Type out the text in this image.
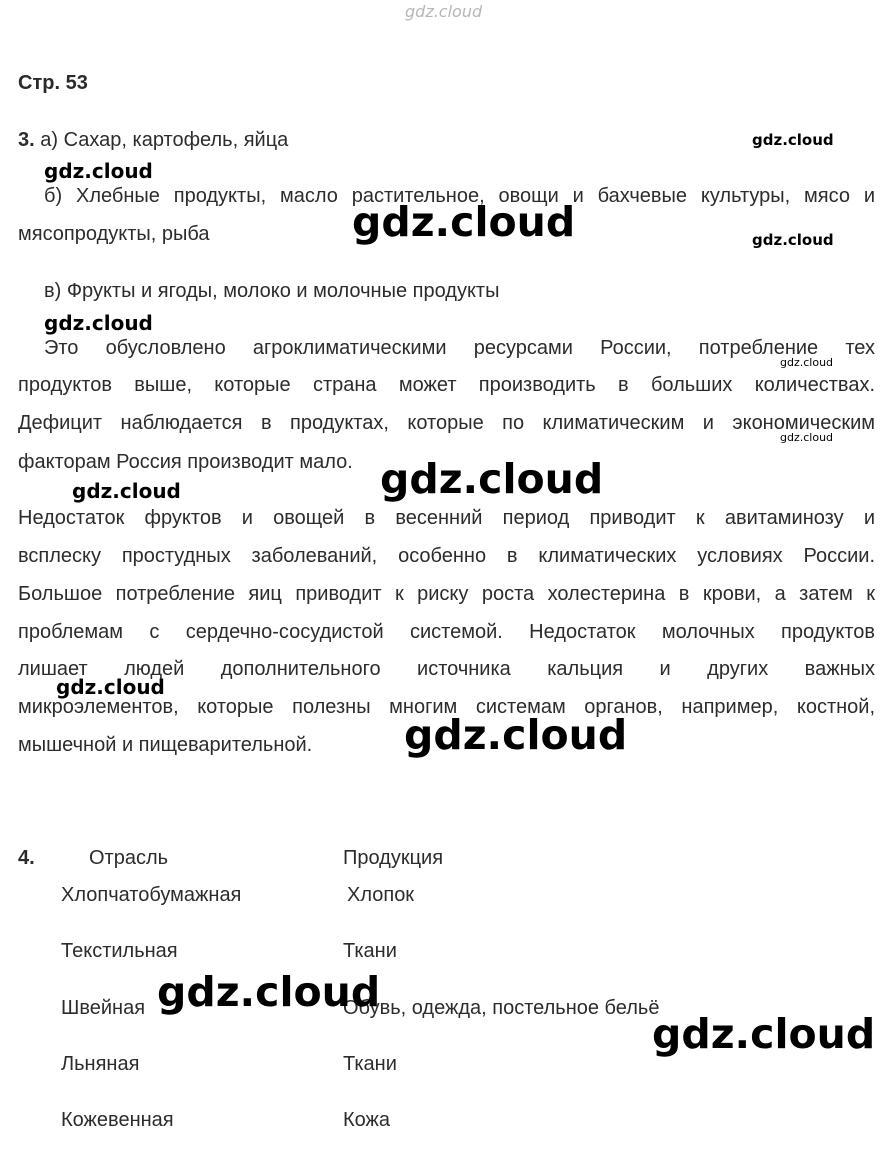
gdz.cloud
Стр. 53
3. а) Сахар, картофель, яйца	gdz.cloud
gdz.cloud
б) Хлебные продукты, масло растительное, овощи и бахчевые культуры, мясо и
мясопродукты, рыба	gdz.cloud	gdz.cloud
в) Фрукты и ягоды, молоко и молочные продукты
gdz.cloud
Это обусловлено агроклиматическими ресурсами России, потребление тех
продуктов выше, которые страна может производить в больших количествах.
Дефицит наблюдается в продуктах, которые по климатическим и экономическим
факторам Россия производит мало.
gdz.cloud
gdz.cloud
gdz.cloud
gdz.cloud
Недостаток фруктов и овощей в весенний период приводит к авитаминозу и
всплеску простудных заболеваний, особенно в климатических условиях России.
Большое потребление яиц приводит к риску роста холестерина в крови, а затем к
проблемам с сердечно-сосудистой системой. Недостаток молочных продуктов
лишает людей дополнительного источника кальция и других важных
микроэлементов, которые полезны многим системам органов, например, костной,
мышечной и пищеварительной.
gdz.cloud
gdz.cloud
4.	Отрасль	Продукция
Хлопчатобумажная	Хлопок
Текстильная	Ткани
Швейная	Обувь, одежда, постельное бельё
Льняная	Ткани
Кожевенная	Кожа
gdz.cloud
gdz.cloud
